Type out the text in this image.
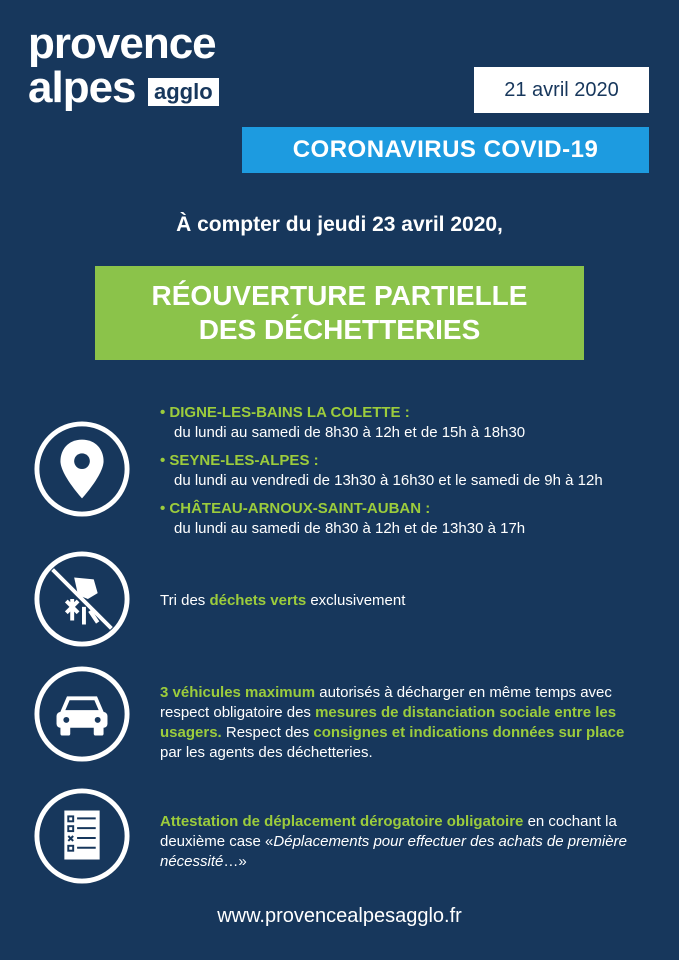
provence
alpes agglo	21 avril 2020
CORONAVIRUS COVID-19
À compter du jeudi 23 avril 2020,
RÉOUVERTURE PARTIELLE
DES DÉCHETTERIES
• DIGNE-LES-BAINS LA COLETTE :
du lundi au samedi de 8h30 à 12h et de 15h à 18h30
• SEYNE-LES-ALPES :
du lundi au vendredi de 13h30 à 16h30 et le samedi de 9h à 12h
• CHÂTEAU-ARNOUX-SAINT-AUBAN :
du lundi au samedi de 8h30 à 12h et de 13h30 à 17h
Tri des déchets verts exclusivement
3 véhicules maximum autorisés à décharger en même temps avec respect obligatoire des mesures de distanciation sociale entre les usagers. Respect des consignes et indications données sur place par les agents des déchetteries.
Attestation de déplacement dérogatoire obligatoire en cochant la deuxième case «Déplacements pour effectuer des achats de première nécessité…»
www.provencealpesagglo.fr
